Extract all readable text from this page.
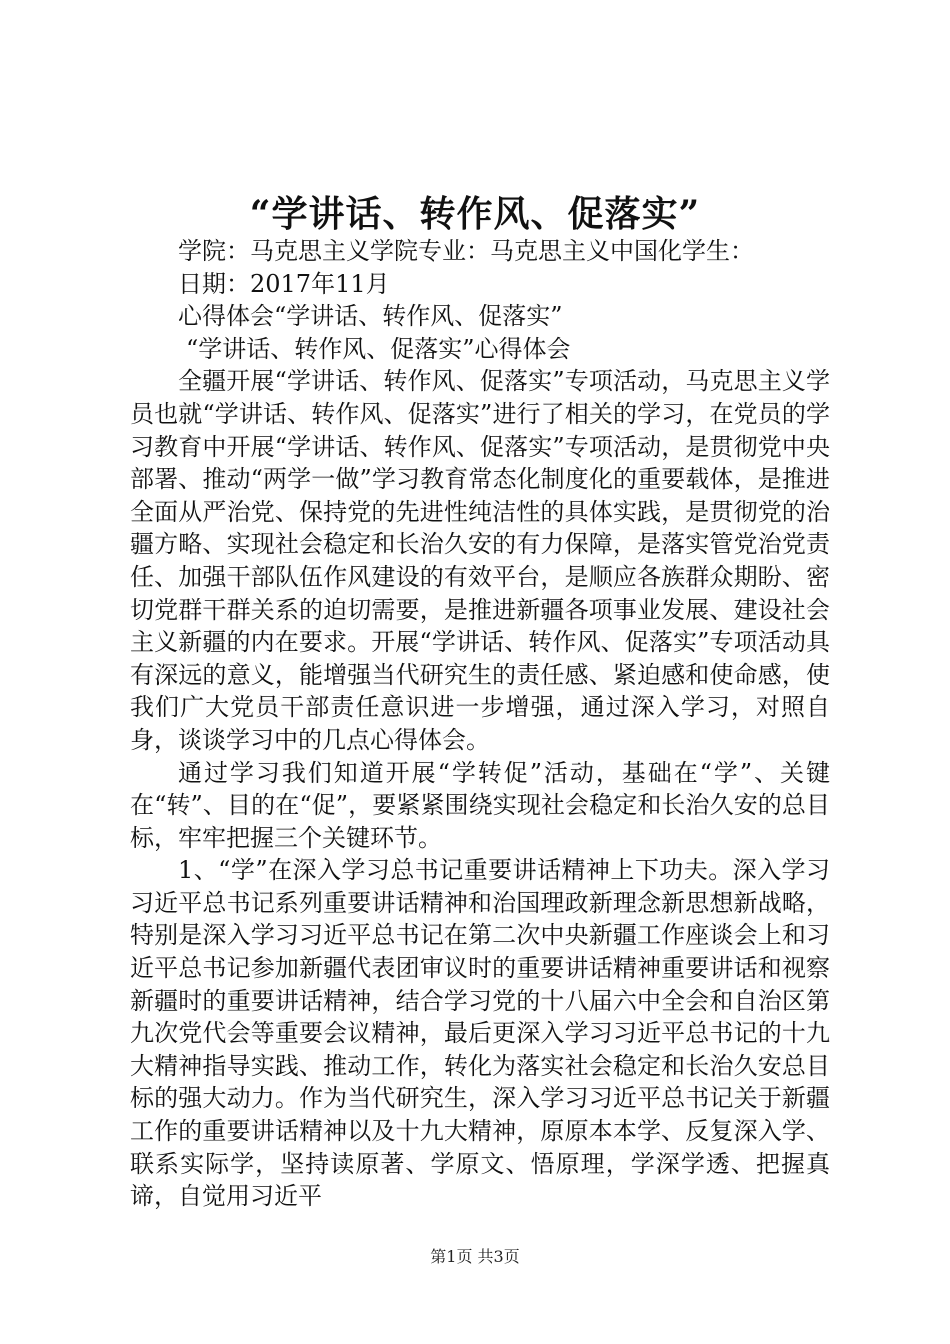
“学讲话、转作风、促落实”

学院：马克思主义学院专业：马克思主义中国化学生：

日期：2017年11月

心得体会“学讲话、转作风、促落实”

“学讲话、转作风、促落实”心得体会

全疆开展“学讲话、转作风、促落实”专项活动，马克思主义学员也就“学讲话、转作风、促落实”进行了相关的学习，在党员的学习教育中开展“学讲话、转作风、促落实”专项活动，是贯彻党中央部署、推动“两学一做”学习教育常态化制度化的重要载体，是推进全面从严治党、保持党的先进性纯洁性的具体实践，是贯彻党的治疆方略、实现社会稳定和长治久安的有力保障，是落实管党治党责任、加强干部队伍作风建设的有效平台，是顺应各族群众期盼、密切党群干群关系的迫切需要，是推进新疆各项事业发展、建设社会主义新疆的内在要求。开展“学讲话、转作风、促落实”专项活动具有深远的意义，能增强当代研究生的责任感、紧迫感和使命感，使我们广大党员干部责任意识进一步增强，通过深入学习，对照自身，谈谈学习中的几点心得体会。

通过学习我们知道开展“学转促”活动，基础在“学”、关键在“转”、目的在“促”，要紧紧围绕实现社会稳定和长治久安的总目标，牢牢把握三个关键环节。

1、“学”在深入学习总书记重要讲话精神上下功夫。深入学习习近平总书记系列重要讲话精神和治国理政新理念新思想新战略，特别是深入学习习近平总书记在第二次中央新疆工作座谈会上和习近平总书记参加新疆代表团审议时的重要讲话精神重要讲话和视察新疆时的重要讲话精神，结合学习党的十八届六中全会和自治区第九次党代会等重要会议精神，最后更深入学习习近平总书记的十九大精神指导实践、推动工作，转化为落实社会稳定和长治久安总目标的强大动力。作为当代研究生，深入学习习近平总书记关于新疆工作的重要讲话精神以及十九大精神，原原本本学、反复深入学、联系实际学，坚持读原著、学原文、悟原理，学深学透、把握真谛，自觉用习近平

第1页 共3页
